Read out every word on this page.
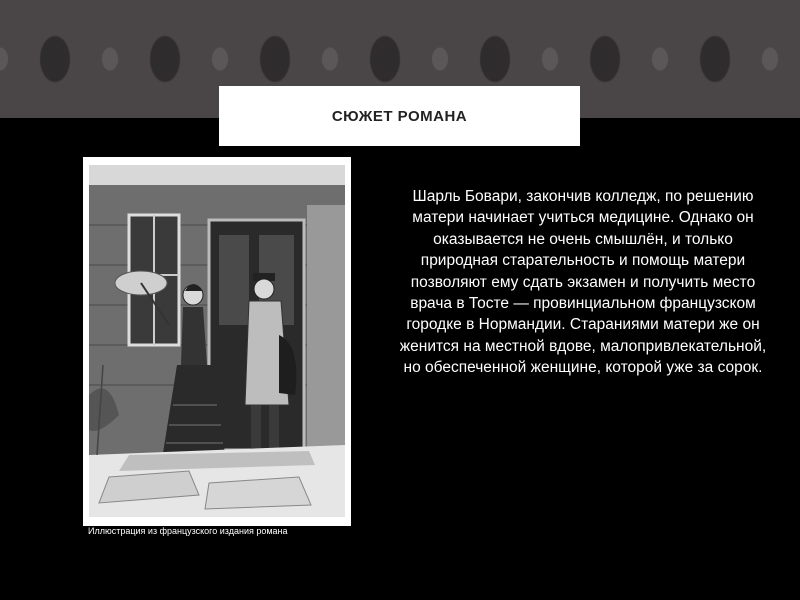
СЮЖЕТ РОМАНА
Иллюстрация из французского издания романа
Шарль Бовари, закончив колледж, по решению матери начинает учиться медицине. Однако он оказывается не очень смышлён, и только природная старательность и помощь матери позволяют ему сдать экзамен и получить место врача в Тосте — провинциальном французском городке в Нормандии. Стараниями матери же он женится на местной вдове, малопривлекательной, но обеспеченной женщине, которой уже за сорок.
